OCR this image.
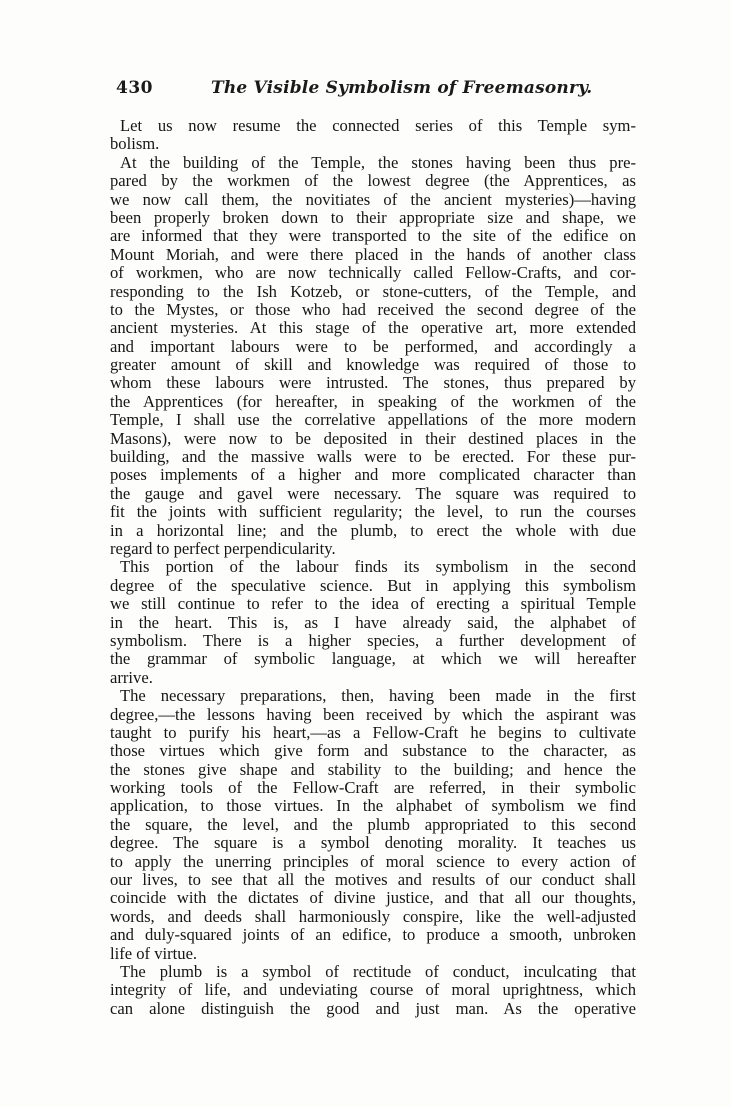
430	The Visible Symbolism of Freemasonry.
Let us now resume the connected series of this Temple sym-
bolism.
At the building of the Temple, the stones having been thus pre-
pared by the workmen of the lowest degree (the Apprentices, as
we now call them, the novitiates of the ancient mysteries)—having
been properly broken down to their appropriate size and shape, we
are informed that they were transported to the site of the edifice on
Mount Moriah, and were there placed in the hands of another class
of workmen, who are now technically called Fellow-Crafts, and cor-
responding to the Ish Kotzeb, or stone-cutters, of the Temple, and
to the Mystes, or those who had received the second degree of the
ancient mysteries. At this stage of the operative art, more extended
and important labours were to be performed, and accordingly a
greater amount of skill and knowledge was required of those to
whom these labours were intrusted. The stones, thus prepared by
the Apprentices (for hereafter, in speaking of the workmen of the
Temple, I shall use the correlative appellations of the more modern
Masons), were now to be deposited in their destined places in the
building, and the massive walls were to be erected. For these pur-
poses implements of a higher and more complicated character than
the gauge and gavel were necessary. The square was required to
fit the joints with sufficient regularity; the level, to run the courses
in a horizontal line; and the plumb, to erect the whole with due
regard to perfect perpendicularity.
This portion of the labour finds its symbolism in the second
degree of the speculative science. But in applying this symbolism
we still continue to refer to the idea of erecting a spiritual Temple
in the heart. This is, as I have already said, the alphabet of
symbolism. There is a higher species, a further development of
the grammar of symbolic language, at which we will hereafter
arrive.
The necessary preparations, then, having been made in the first
degree,—the lessons having been received by which the aspirant was
taught to purify his heart,—as a Fellow-Craft he begins to cultivate
those virtues which give form and substance to the character, as
the stones give shape and stability to the building; and hence the
working tools of the Fellow-Craft are referred, in their symbolic
application, to those virtues. In the alphabet of symbolism we find
the square, the level, and the plumb appropriated to this second
degree. The square is a symbol denoting morality. It teaches us
to apply the unerring principles of moral science to every action of
our lives, to see that all the motives and results of our conduct shall
coincide with the dictates of divine justice, and that all our thoughts,
words, and deeds shall harmoniously conspire, like the well-adjusted
and duly-squared joints of an edifice, to produce a smooth, unbroken
life of virtue.
The plumb is a symbol of rectitude of conduct, inculcating that
integrity of life, and undeviating course of moral uprightness, which
can alone distinguish the good and just man. As the operative
